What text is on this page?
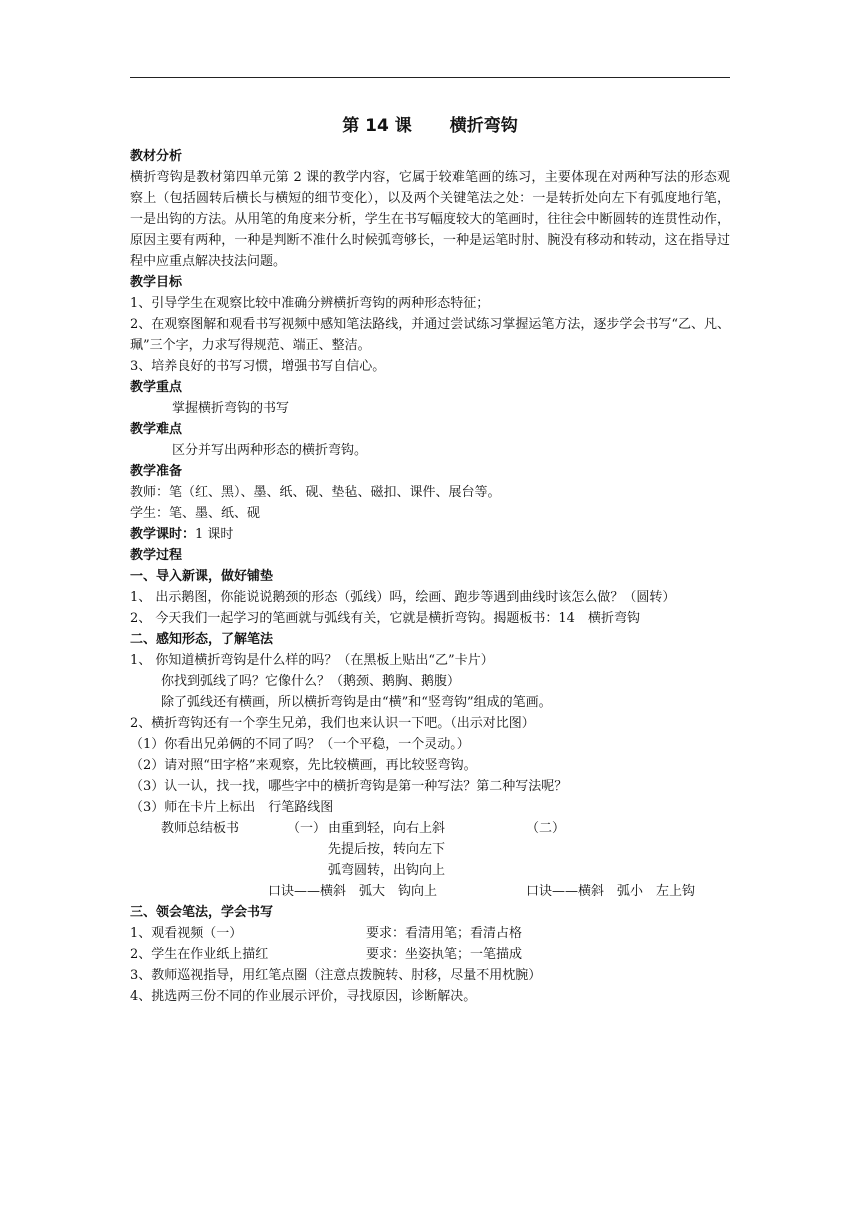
第 14 课 横折弯钩
教材分析
横折弯钩是教材第四单元第 2 课的教学内容，它属于较难笔画的练习，主要体现在对两种写法的形态观察上（包括圆转后横长与横短的细节变化），以及两个关键笔法之处：一是转折处向左下有弧度地行笔，一是出钩的方法。从用笔的角度来分析，学生在书写幅度较大的笔画时，往往会中断圆转的连贯性动作，原因主要有两种，一种是判断不准什么时候弧弯够长，一种是运笔时肘、腕没有移动和转动，这在指导过程中应重点解决技法问题。
教学目标
1、引导学生在观察比较中准确分辨横折弯钩的两种形态特征；
2、在观察图解和观看书写视频中感知笔法路线，并通过尝试练习掌握运笔方法，逐步学会书写“乙、凡、珮”三个字，力求写得规范、端正、整洁。
3、培养良好的书写习惯，增强书写自信心。
教学重点
掌握横折弯钩的书写
教学难点
区分并写出两种形态的横折弯钩。
教学准备
教师：笔（红、黑）、墨、纸、砚、垫毡、磁扣、课件、展台等。
学生：笔、墨、纸、砚
教学课时：1 课时
教学过程
一、导入新课，做好铺垫
1、 出示鹅图，你能说说鹅颈的形态（弧线）吗，绘画、跑步等遇到曲线时该怎么做？（圆转）
2、 今天我们一起学习的笔画就与弧线有关，它就是横折弯钩。揭题板书：14　横折弯钩
二、感知形态，了解笔法
1、 你知道横折弯钩是什么样的吗？（在黑板上贴出“乙”卡片）
你找到弧线了吗？它像什么？（鹅颈、鹅胸、鹅腹）
除了弧线还有横画，所以横折弯钩是由“横”和“竖弯钩”组成的笔画。
2、横折弯钩还有一个孪生兄弟，我们也来认识一下吧。（出示对比图）
（1）你看出兄弟俩的不同了吗？（一个平稳，一个灵动。）
（2）请对照“田字格”来观察，先比较横画，再比较竖弯钩。
（3）认一认，找一找，哪些字中的横折弯钩是第一种写法？第二种写法呢？
（3）师在卡片上标出　行笔路线图
教师总结板书	（一） 由重到轻，向右上斜	（二）
先提后按，转向左下
弧弯圆转，出钩向上
口诀——横斜　弧大　钩向上	口诀——横斜　弧小　左上钩
三、领会笔法，学会书写
1、观看视频（一）	要求：看清用笔；看清占格
2、学生在作业纸上描红	要求：坐姿执笔；一笔描成
3、教师巡视指导，用红笔点圈（注意点拨腕转、肘移，尽量不用枕腕）
4、挑选两三份不同的作业展示评价，寻找原因，诊断解决。
